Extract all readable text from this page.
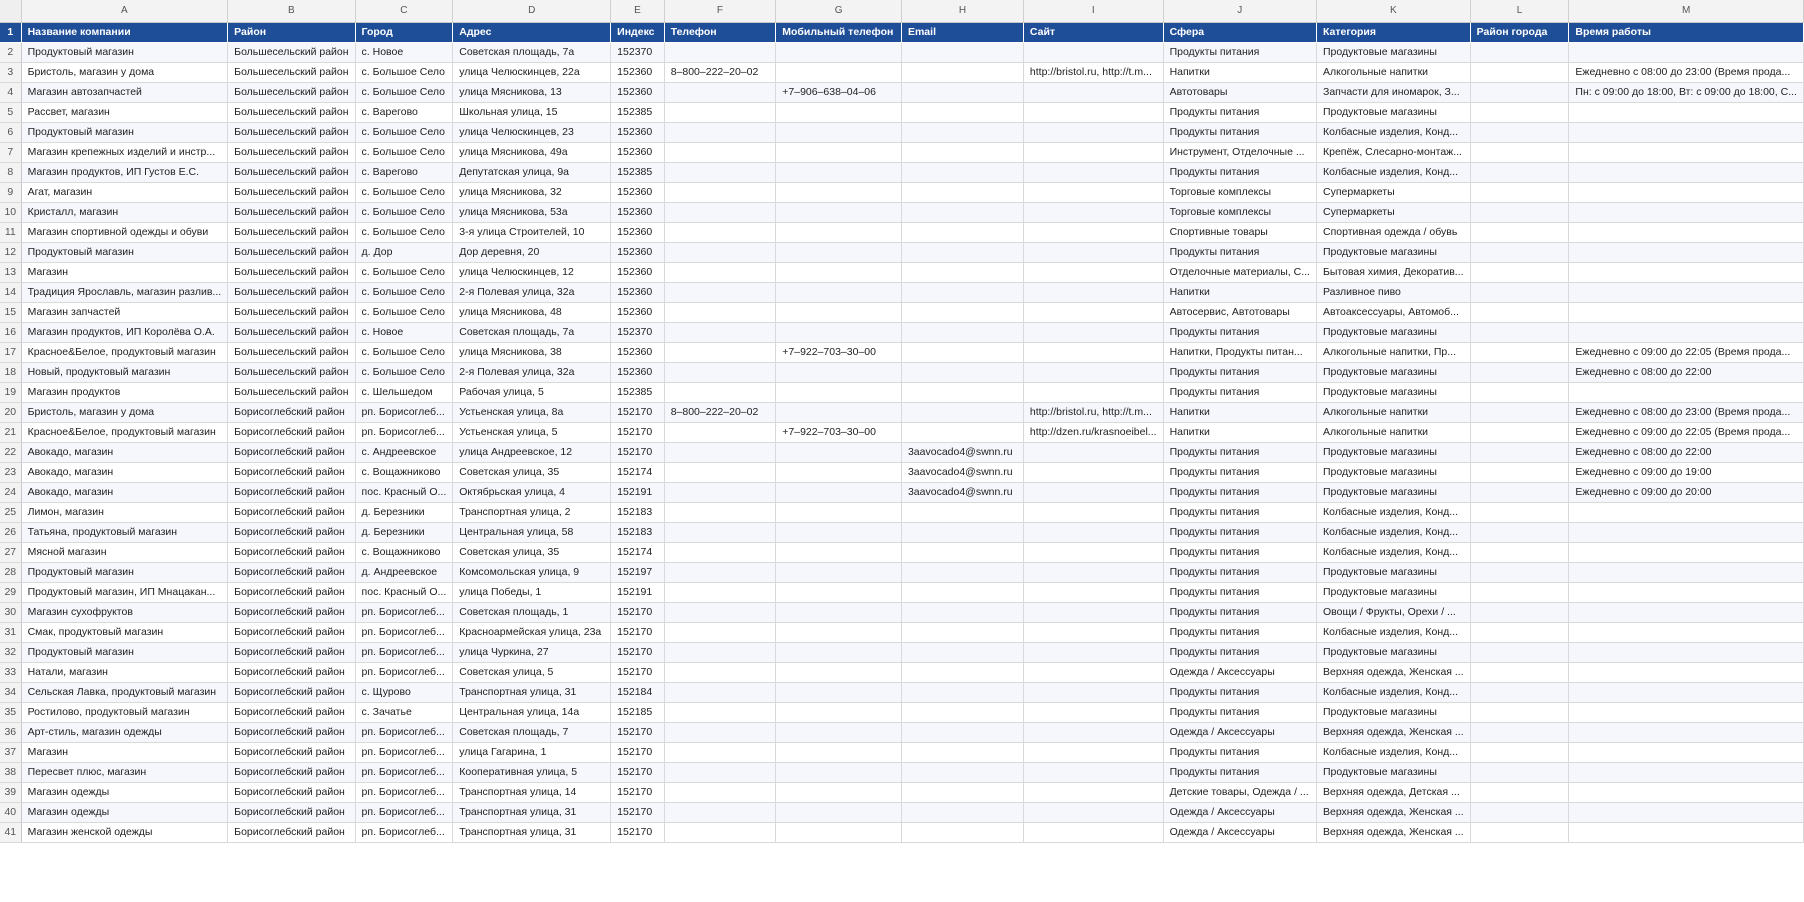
	A	B	C	D	E	F	G	H	I	J	K	L	M
1	Название компании	Район	Город	Адрес	Индекс	Телефон	Мобильный телефон	Email	Сайт	Сфера	Категория	Район города	Время работы
2	Продуктовый магазин	Большесельский район	с. Новое	Советская площадь, 7а	152370					Продукты питания	Продуктовые магазины		
3	Бристоль, магазин у дома	Большесельский район	с. Большое Село	улица Челюскинцев, 22а	152360	8‒800‒222‒20‒02			http://bristol.ru, http://t.m...	Напитки	Алкогольные напитки		Ежедневно с 08:00 до 23:00 (Время прода...
4	Магазин автозапчастей	Большесельский район	с. Большое Село	улица Мясникова, 13	152360		+7‒906‒638‒04‒06			Автотовары	Запчасти для иномарок, З...		Пн: с 09:00 до 18:00, Вт: с 09:00 до 18:00, С...
5	Рассвет, магазин	Большесельский район	с. Варегово	Школьная улица, 15	152385					Продукты питания	Продуктовые магазины		
6	Продуктовый магазин	Большесельский район	с. Большое Село	улица Челюскинцев, 23	152360					Продукты питания	Колбасные изделия, Конд...		
7	Магазин крепежных изделий и инстр...	Большесельский район	с. Большое Село	улица Мясникова, 49а	152360					Инструмент, Отделочные ...	Крепёж, Слесарно-монтаж...		
8	Магазин продуктов, ИП Густов Е.С.	Большесельский район	с. Варегово	Депутатская улица, 9а	152385					Продукты питания	Колбасные изделия, Конд...		
9	Агат, магазин	Большесельский район	с. Большое Село	улица Мясникова, 32	152360					Торговые комплексы	Супермаркеты		
10	Кристалл, магазин	Большесельский район	с. Большое Село	улица Мясникова, 53а	152360					Торговые комплексы	Супермаркеты		
11	Магазин спортивной одежды и обуви	Большесельский район	с. Большое Село	3-я улица Строителей, 10	152360					Спортивные товары	Спортивная одежда / обувь		
12	Продуктовый магазин	Большесельский район	д. Дор	Дор деревня, 20	152360					Продукты питания	Продуктовые магазины		
13	Магазин	Большесельский район	с. Большое Село	улица Челюскинцев, 12	152360					Отделочные материалы, С...	Бытовая химия, Декоратив...		
14	Традиция Ярославль, магазин разлив...	Большесельский район	с. Большое Село	2-я Полевая улица, 32а	152360					Напитки	Разливное пиво		
15	Магазин запчастей	Большесельский район	с. Большое Село	улица Мясникова, 48	152360					Автосервис, Автотовары	Автоаксессуары, Автомоб...		
16	Магазин продуктов, ИП Королёва О.А.	Большесельский район	с. Новое	Советская площадь, 7а	152370					Продукты питания	Продуктовые магазины		
17	Красное&Белое, продуктовый магазин	Большесельский район	с. Большое Село	улица Мясникова, 38	152360		+7‒922‒703‒30‒00			Напитки, Продукты питан...	Алкогольные напитки, Пр...		Ежедневно с 09:00 до 22:05 (Время прода...
18	Новый, продуктовый магазин	Большесельский район	с. Большое Село	2-я Полевая улица, 32а	152360					Продукты питания	Продуктовые магазины		Ежедневно с 08:00 до 22:00
19	Магазин продуктов	Большесельский район	с. Шельшедом	Рабочая улица, 5	152385					Продукты питания	Продуктовые магазины		
20	Бристоль, магазин у дома	Борисоглебский район	рп. Борисоглеб...	Устьенская улица, 8а	152170	8‒800‒222‒20‒02			http://bristol.ru, http://t.m...	Напитки	Алкогольные напитки		Ежедневно с 08:00 до 23:00 (Время прода...
21	Красное&Белое, продуктовый магазин	Борисоглебский район	рп. Борисоглеб...	Устьенская улица, 5	152170		+7‒922‒703‒30‒00		http://dzen.ru/krasnoeibel...	Напитки	Алкогольные напитки		Ежедневно с 09:00 до 22:05 (Время прода...
22	Авокадо, магазин	Борисоглебский район	с. Андреевское	улица Андреевское, 12	152170			3aavocado4@swnn.ru		Продукты питания	Продуктовые магазины		Ежедневно с 08:00 до 22:00
23	Авокадо, магазин	Борисоглебский район	с. Вощажниково	Советская улица, 35	152174			3aavocado4@swnn.ru		Продукты питания	Продуктовые магазины		Ежедневно с 09:00 до 19:00
24	Авокадо, магазин	Борисоглебский район	пос. Красный О...	Октябрьская улица, 4	152191			3aavocado4@swnn.ru		Продукты питания	Продуктовые магазины		Ежедневно с 09:00 до 20:00
25	Лимон, магазин	Борисоглебский район	д. Березники	Транспортная улица, 2	152183					Продукты питания	Колбасные изделия, Конд...		
26	Татьяна, продуктовый магазин	Борисоглебский район	д. Березники	Центральная улица, 58	152183					Продукты питания	Колбасные изделия, Конд...		
27	Мясной магазин	Борисоглебский район	с. Вощажниково	Советская улица, 35	152174					Продукты питания	Колбасные изделия, Конд...		
28	Продуктовый магазин	Борисоглебский район	д. Андреевское	Комсомольская улица, 9	152197					Продукты питания	Продуктовые магазины		
29	Продуктовый магазин, ИП Мнацакан...	Борисоглебский район	пос. Красный О...	улица Победы, 1	152191					Продукты питания	Продуктовые магазины		
30	Магазин сухофруктов	Борисоглебский район	рп. Борисоглеб...	Советская площадь, 1	152170					Продукты питания	Овощи / Фрукты, Орехи / ...		
31	Смак, продуктовый магазин	Борисоглебский район	рп. Борисоглеб...	Красноармейская улица, 23а	152170					Продукты питания	Колбасные изделия, Конд...		
32	Продуктовый магазин	Борисоглебский район	рп. Борисоглеб...	улица Чуркина, 27	152170					Продукты питания	Продуктовые магазины		
33	Натали, магазин	Борисоглебский район	рп. Борисоглеб...	Советская улица, 5	152170					Одежда / Аксессуары	Верхняя одежда, Женская ...		
34	Сельская Лавка, продуктовый магазин	Борисоглебский район	с. Щурово	Транспортная улица, 31	152184					Продукты питания	Колбасные изделия, Конд...		
35	Ростилово, продуктовый магазин	Борисоглебский район	с. Зачатье	Центральная улица, 14а	152185					Продукты питания	Продуктовые магазины		
36	Арт-стиль, магазин одежды	Борисоглебский район	рп. Борисоглеб...	Советская площадь, 7	152170					Одежда / Аксессуары	Верхняя одежда, Женская ...		
37	Магазин	Борисоглебский район	рп. Борисоглеб...	улица Гагарина, 1	152170					Продукты питания	Колбасные изделия, Конд...		
38	Пересвет плюс, магазин	Борисоглебский район	рп. Борисоглеб...	Кооперативная улица, 5	152170					Продукты питания	Продуктовые магазины		
39	Магазин одежды	Борисоглебский район	рп. Борисоглеб...	Транспортная улица, 14	152170					Детские товары, Одежда / ...	Верхняя одежда, Детская ...		
40	Магазин одежды	Борисоглебский район	рп. Борисоглеб...	Транспортная улица, 31	152170					Одежда / Аксессуары	Верхняя одежда, Женская ...		
41	Магазин женской одежды	Борисоглебский район	рп. Борисоглеб...	Транспортная улица, 31	152170					Одежда / Аксессуары	Верхняя одежда, Женская ...		
